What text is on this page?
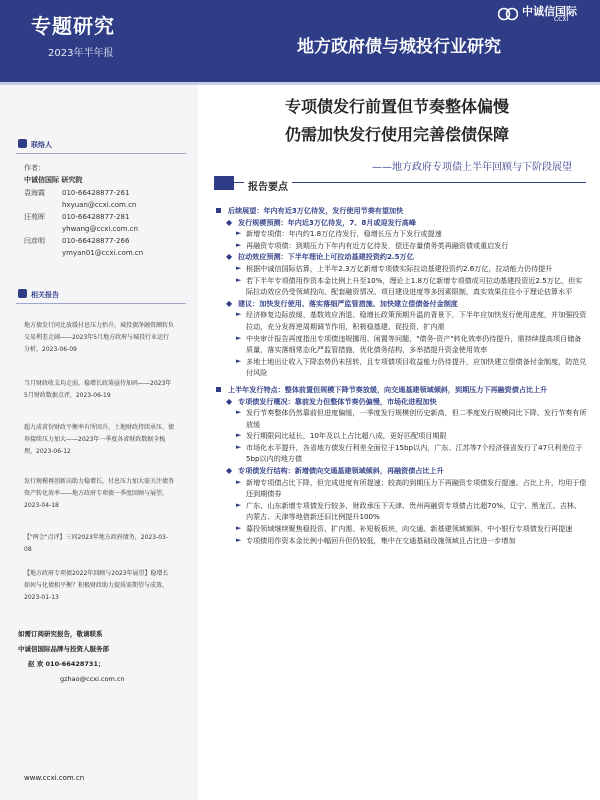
专题研究
2023年半年报
中诚信国际
CCXI
地方政府债与城投行业研究
联络人
作者：
中诚信国际 研究院
袁海霞 010-66428877-261
hxyuan@ccxi.com.cn
汪苑晖 010-66428877-281
yhwang@ccxi.com.cn
闫彦明 010-66428877-266
ymyan01@ccxi.com.cn
相关报告
地方债发行同比放缓付息压力抬升，城投债净融资额转负交易利差走阔——2023年5月地方政府与城投行业运行分析，2023-06-09
当月财政收支均走弱，稳增长政策亟待加码——2023年5月财政数据点评，2023-06-19
超九成省份财政平衡率有所回升，土地财政持续承压、债券接续压力加大——2023年一季度各省财政数据全梳理，2023-06-12
发行规模再创新高助力稳增长，付息压力加大需关注债务资产转化效率——地方政府专项债一季度回顾与展望，2023-04-18
【"两会"点评】三问2023年地方政府债务，2023-03-08
【地方政府专项债2022年回顾与2023年展望】稳增长如何与化债相平衡？积极财政助力提质需期望与成效，2023-01-13
如需订阅研究报告，敬请联系
中诚信国际品牌与投资人服务部
赵 欢 010-66428731；
gzhao@ccxi.com.cn
www.ccxi.com.cn
专项债发行前置但节奏整体偏慢
仍需加快发行使用完善偿债保障
——地方政府专项债上半年回顾与下阶段展望
报告要点
后续展望：年内有近3万亿待发，发行使用节奏有望加快
◆ 发行规模预测：年内近3万亿待发，7、8月或迎发行高峰
► 新增专项债：年内约1.8万亿待发行，稳增长压力下发行或提速
► 再融资专项债：到期压力下年内有近万亿待发，偿还存量债务类再融资债或重启发行
◆ 拉动效应预测：下半年理论上可拉动基建投资约2.5万亿
► 根据中诚信国际估算，上半年2.3万亿新增专项债实际拉动基建投资约2.6万亿，拉动能力仍待提升
► 若下半年专项债用作资本金比例上升至10%，理论上1.8万亿新增专项债或可拉动基建投资近2.5万亿，但实际拉动效应仍受领域投向、配套融资情况、项目建设进度等多因素限制，真实效果往往小于理论估算水平
◆ 建议：加快发行使用、落实落细严监管措施、加快建立偿债备付金制度
► 经济修复边际放缓、基数效应消退、稳增长政策预期升温的背景下，下半年应加快发行使用进度，并加强投资拉动，充分发挥逆周期调节作用，积极稳基建、促投资、扩内需
► 中央审计报告再度指出专项债违规挪用、闲置等问题，"债务-资产"转化效率仍待提升，需持续提高项目储备质量，落实落细常态化严监管措施，优化债务结构，多举措提升资金使用效率
► 多地土地出让收入下降态势仍未扭转，且专项债项目收益能力仍待提升，应加快建立偿债备付金制度，防范兑付风险
上半年发行特点：整体前置但规模下降节奏放缓，向交通基建领域倾斜，到期压力下再融资债占比上升
◆ 专项债发行概况：靠前发力但整体节奏仍偏慢，市场化进程加快
► 发行节奏整体仍然靠前但进度偏缓，一季度发行规模创历史新高，但二季度发行规模同比下降、发行节奏有所放缓
► 发行期限同比延长，10年及以上占比超八成，更好匹配项目期限
► 市场化水平提升，各省地方债发行利差全面位于15bp以内，广东、江苏等7个经济强省发行了47只利差位于5bp以内的地方债
◆ 专项债发行结构：新增债向交通基建领域倾斜，再融资债占比上升
► 新增专项债占比下降，但完成进度有所提速；较高的到期压力下再融资专项债发行提速、占比上升，均用于偿还到期债券
► 广东、山东新增专项债发行较多，财政承压下天津、贵州再融资专项债占比超70%，辽宁、黑龙江、吉林、内蒙古、天津等地借新还旧比例提升100%
► 募投领域继续聚焦稳投资、扩内需、补短板板块，向交通、新基建领域倾斜，中小银行专项债发行再提速
► 专项债用作资本金比例小幅回升但仍较低，集中在交通基础设施领域且占比进一步增加
